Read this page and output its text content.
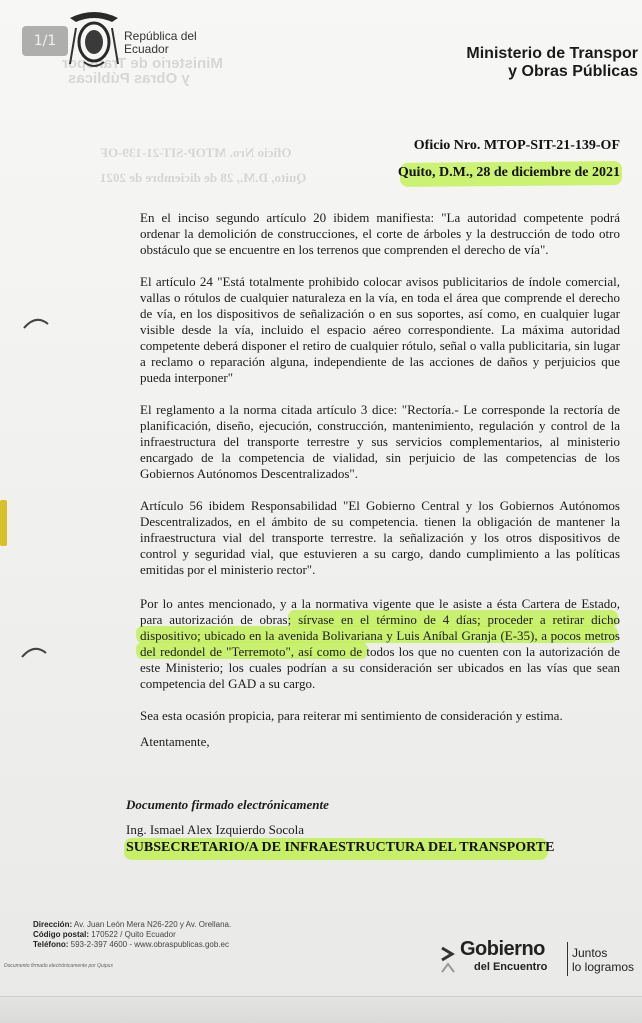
1/1	República del Ecuador	Ministerio de Transpor
y Obras Públicas
Ministerio de Transpor
y Obras Públicas
Oficio Nro. MTOP-SIT-21-139-OF
Quito, D.M., 28 de diciembre de 2021
Oficio Nro. MTOP-SIT-21-139-OF
Quito, D.M., 28 de diciembre de 2021

En el inciso segundo artículo 20 ibidem manifiesta: "La autoridad competente podrá ordenar la demolición de construcciones, el corte de árboles y la destrucción de todo otro obstáculo que se encuentre en los terrenos que comprenden el derecho de vía".

El artículo 24 "Está totalmente prohibido colocar avisos publicitarios de índole comercial, vallas o rótulos de cualquier naturaleza en la vía, en toda el área que comprende el derecho de vía, en los dispositivos de señalización o en sus soportes, así como, en cualquier lugar visible desde la vía, incluido el espacio aéreo correspondiente. La máxima autoridad competente deberá disponer el retiro de cualquier rótulo, señal o valla publicitaria, sin lugar a reclamo o reparación alguna, independiente de las acciones de daños y perjuicios que pueda interponer"

El reglamento a la norma citada artículo 3 dice: "Rectoría.- Le corresponde la rectoría de planificación, diseño, ejecución, construcción, mantenimiento, regulación y control de la infraestructura del transporte terrestre y sus servicios complementarios, al ministerio encargado de la competencia de vialidad, sin perjuicio de las competencias de los Gobiernos Autónomos Descentralizados".

Artículo 56 ibidem Responsabilidad "El Gobierno Central y los Gobiernos Autónomos Descentralizados, en el ámbito de su competencia. tienen la obligación de mantener la infraestructura vial del transporte terrestre. la señalización y los otros dispositivos de control y seguridad vial, que estuvieren a su cargo, dando cumplimiento a las políticas emitidas por el ministerio rector".

Por lo antes mencionado, y a la normativa vigente que le asiste a ésta Cartera de Estado, para autorización de obras; sírvase en el término de 4 días; proceder a retirar dicho dispositivo; ubicado en la avenida Bolivariana y Luis Aníbal Granja (E-35), a pocos metros del redondel de "Terremoto", así como de todos los que no cuenten con la autorización de este Ministerio; los cuales podrían a su consideración ser ubicados en las vías que sean competencia del GAD a su cargo.

Sea esta ocasión propicia, para reiterar mi sentimiento de consideración y estima.

Atentamente,

Documento firmado electrónicamente
Ing. Ismael Alex Izquierdo Socola
SUBSECRETARIO/A DE INFRAESTRUCTURA DEL TRANSPORTE
Dirección: Av. Juan León Mera N26-220 y Av. Orellana.
Código postal: 170522 / Quito Ecuador
Teléfono: 593-2-397 4600 - www.obraspublicas.gob.ec
Documento firmado electrónicamente por Quipux
Gobierno
del Encuentro
Juntos
lo logramos
